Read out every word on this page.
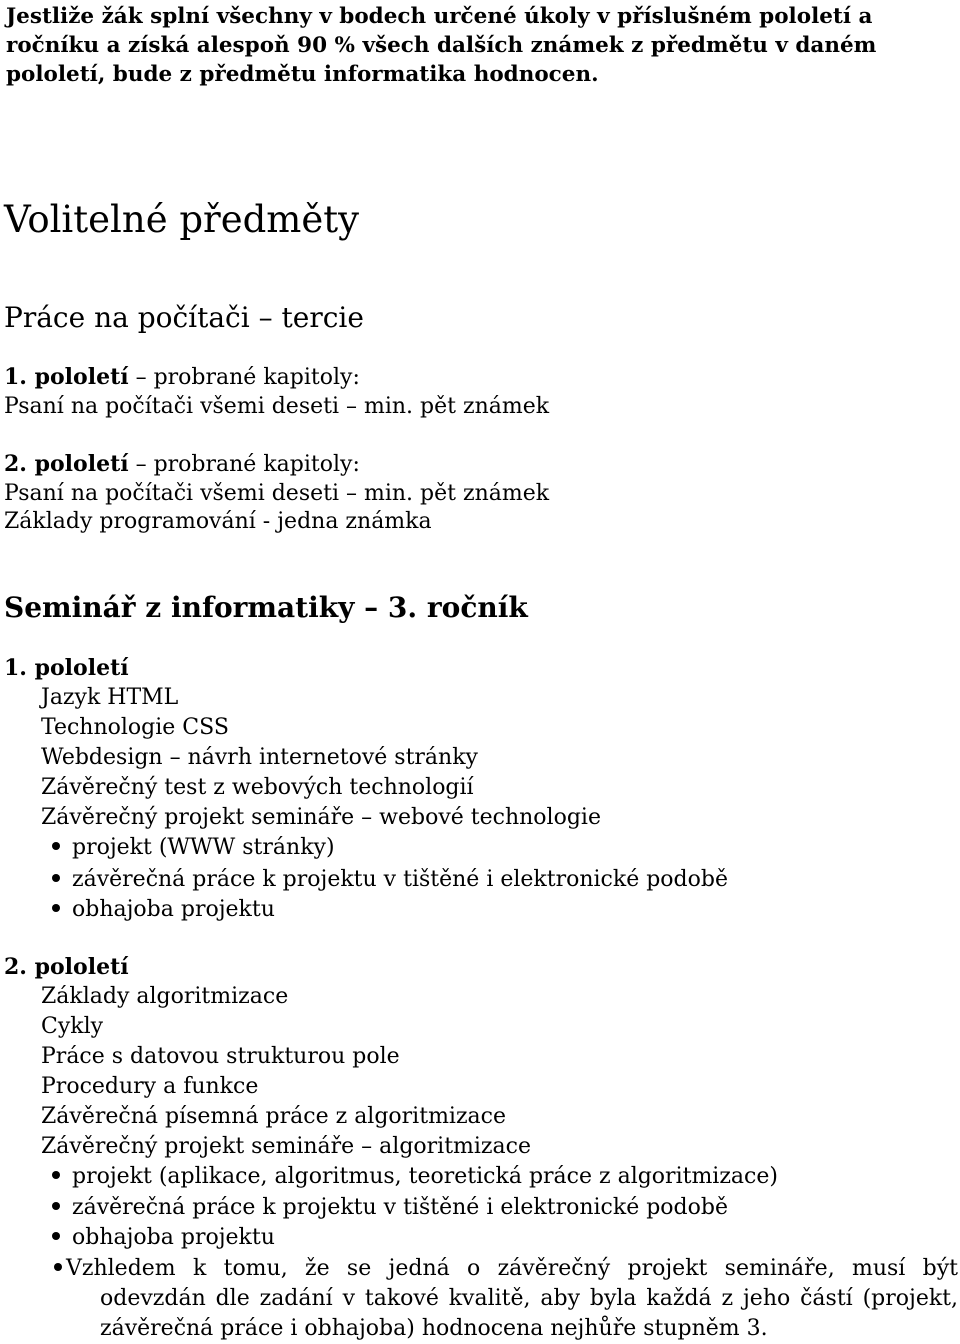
Jestliže žák splní všechny v bodech určené úkoly v příslušném pololetí a ročníku a získá alespoň 90 % všech dalších známek z předmětu v daném pololetí, bude z předmětu informatika hodnocen.
Volitelné předměty
Práce na počítači – tercie
1. pololetí – probrané kapitoly:
Psaní na počítači všemi deseti – min. pět známek
2. pololetí – probrané kapitoly:
Psaní na počítači všemi deseti – min. pět známek
Základy programování - jedna známka
Seminář z informatiky – 3. ročník
1. pololetí
Jazyk HTML
Technologie CSS
Webdesign – návrh internetové stránky
Závěrečný test z webových technologií
Závěrečný projekt semináře – webové technologie
projekt (WWW stránky)
závěrečná práce k projektu v tištěné i elektronické podobě
obhajoba projektu
2. pololetí
Základy algoritmizace
Cykly
Práce s datovou strukturou pole
Procedury a funkce
Závěrečná písemná práce z algoritmizace
Závěrečný projekt semináře – algoritmizace
projekt (aplikace, algoritmus, teoretická práce z algoritmizace)
závěrečná práce k projektu v tištěné i elektronické podobě
obhajoba projektu
Vzhledem k tomu, že se jedná o závěrečný projekt semináře, musí být
odevzdán dle zadání v takové kvalitě, aby byla každá z jeho částí (projekt,
závěrečná práce i obhajoba) hodnocena nejhůře stupněm 3.
